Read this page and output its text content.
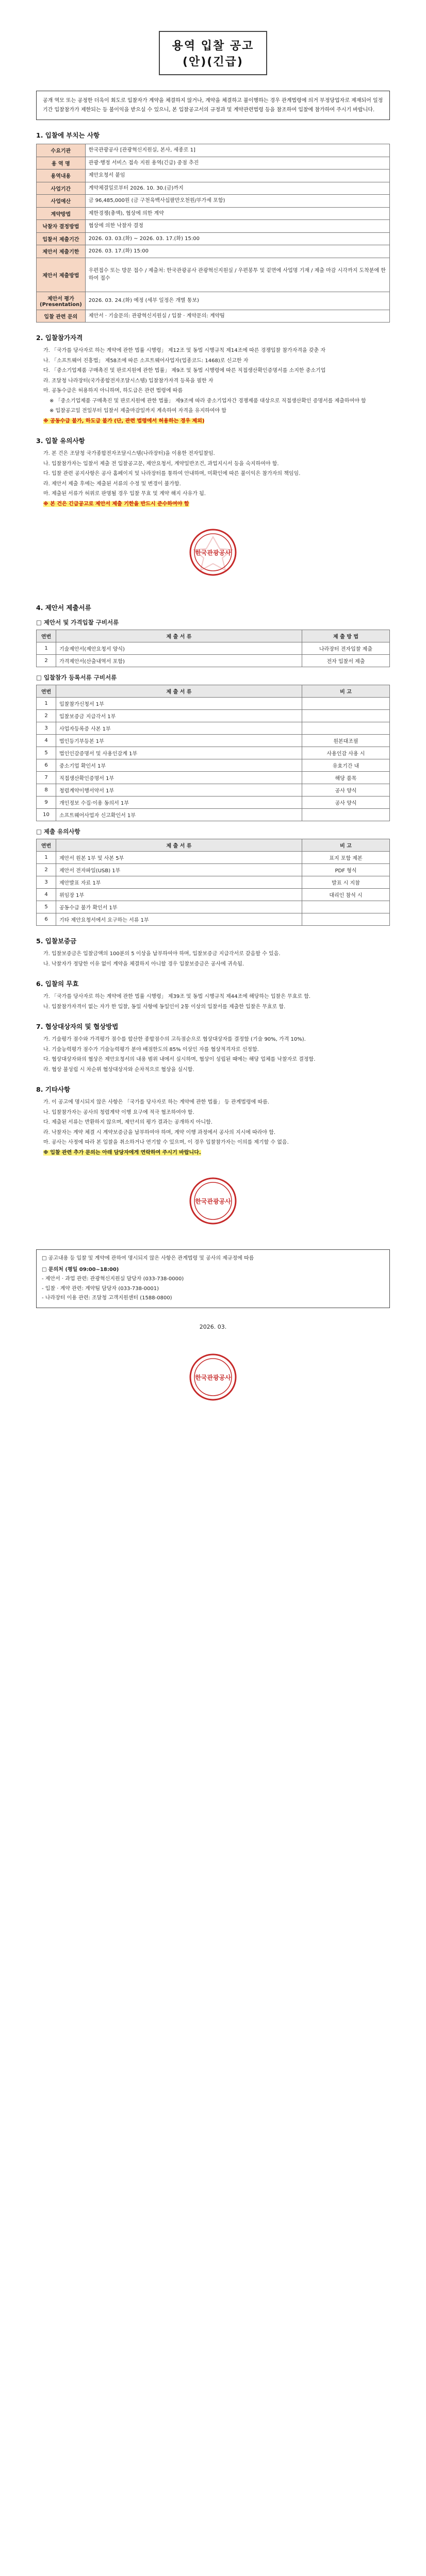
용역 입찰 공고(안)(긴급)
공개 역모 또는 공정한 더욱이 회도로 입찰자가 계약을 체결하지 않거나, 계약을 체결하고 불이행하는 경우 관계법령에 의거 부정당업자로 제재되어 일정기간 입찰참가가 제한되는 등 불이익을 받으실 수 있으니, 본 입찰공고서의 규정과 및 계약관련법령 등을 참조하여 입찰에 참가하여 주시기 바랍니다.
1. 입찰에 부치는 사항
수요기관	한국관광공사 [관광혁신지원실, 본사, 세종로 1]
용 역 명	관광·행정 서비스 접속 지원 용역(긴급) 중점 추진
용역내용	제안요청서 붙임
사업기간	계약체결일로부터 2026. 10. 30.(금)까지
사업예산	금 96,485,000원 (금 구천육백사십팔만오천원/부가세 포함)
계약방법	제한경쟁(총액), 협상에 의한 계약
낙찰자 결정방법	협상에 의한 낙찰자 결정
입찰서 제출기간	2026. 03. 03.(화) ~ 2026. 03. 17.(화) 15:00
제안서 제출기한	2026. 03. 17.(화) 15:00
제안서 제출방법	우편접수 또는 방문 접수 / 제출처: 한국관광공사 관광혁신지원실 / 우편봉투 및 겉면에 사업명 기재 / 제출 마감 시각까지 도착분에 한하여 접수
제안서 평가(Presentation)	2026. 03. 24.(화) 예정 (세부 일정은 개별 통보)
입찰 관련 문의	제안서 · 기술문의: 관광혁신지원실 / 입찰 · 계약문의: 계약팀
2. 입찰참가자격

가. 「국가를 당사자로 하는 계약에 관한 법률 시행령」 제12조 및 동법 시행규칙 제14조에 따른 경쟁입찰 참가자격을 갖춘 자

나. 「소프트웨어 진흥법」 제58조에 따른 소프트웨어사업자(업종코드: 1468)로 신고한 자

다. 「중소기업제품 구매촉진 및 판로지원에 관한 법률」 제9조 및 동법 시행령에 따른 직접생산확인증명서를 소지한 중소기업

라. 조달청 나라장터(국가종합전자조달시스템) 입찰참가자격 등록을 필한 자

마. 공동수급은 허용하지 아니하며, 하도급은 관련 법령에 따름

※ 「중소기업제품 구매촉진 및 판로지원에 관한 법률」 제9조에 따라 중소기업자간 경쟁제품 대상으로 직접생산확인 증명서를 제출하여야 함

※ 입찰공고일 전일부터 입찰서 제출마감일까지 계속하여 자격을 유지하여야 함

※ 공동수급 불가, 하도급 불가 (단, 관련 법령에서 허용하는 경우 제외)

3. 입찰 유의사항

가. 본 건은 조달청 국가종합전자조달시스템(나라장터)을 이용한 전자입찰임.

나. 입찰참가자는 입찰서 제출 전 입찰공고문, 제안요청서, 계약일반조건, 과업지시서 등을 숙지하여야 함.

다. 입찰 관련 공지사항은 공사 홈페이지 및 나라장터를 통하여 안내하며, 미확인에 따른 불이익은 참가자의 책임임.

라. 제안서 제출 후에는 제출된 서류의 수정 및 변경이 불가함.

마. 제출된 서류가 허위로 판명될 경우 입찰 무효 및 계약 해지 사유가 됨.

※ 본 건은 긴급공고로 제안서 제출 기한을 반드시 준수하여야 함

한국관광공사
4. 제안서 제출서류
□ 제안서 및 가격입찰 구비서류
연번	제 출 서 류	제 출 방 법
1	기술제안서(제안요청서 양식)	나라장터 전자입찰 제출
2	가격제안서(산출내역서 포함)	전자 입찰서 제출
□ 입찰참가 등록서류 구비서류
연번	제 출 서 류	비 고
1	입찰참가신청서 1부	
2	입찰보증금 지급각서 1부	
3	사업자등록증 사본 1부	
4	법인등기부등본 1부	원본대조필
5	법인인감증명서 및 사용인감계 1부	사용인감 사용 시
6	중소기업 확인서 1부	유효기간 내
7	직접생산확인증명서 1부	해당 품목
8	청렴계약이행서약서 1부	공사 양식
9	개인정보 수집·이용 동의서 1부	공사 양식
10	소프트웨어사업자 신고확인서 1부	
□ 제출 유의사항
연번	제 출 서 류	비 고
1	제안서 원본 1부 및 사본 5부	표지 포함 제본
2	제안서 전자파일(USB) 1부	PDF 형식
3	제안발표 자료 1부	발표 시 지참
4	위임장 1부	대리인 참석 시
5	공동수급 불가 확인서 1부	
6	기타 제안요청서에서 요구하는 서류 1부	
5. 입찰보증금

가. 입찰보증금은 입찰금액의 100분의 5 이상을 납부하여야 하며, 입찰보증금 지급각서로 갈음할 수 있음.

나. 낙찰자가 정당한 이유 없이 계약을 체결하지 아니할 경우 입찰보증금은 공사에 귀속됨.

6. 입찰의 무효

가. 「국가를 당사자로 하는 계약에 관한 법률 시행령」 제39조 및 동법 시행규칙 제44조에 해당하는 입찰은 무효로 함.

나. 입찰참가자격이 없는 자가 한 입찰, 동일 사항에 동일인이 2통 이상의 입찰서를 제출한 입찰은 무효로 함.

7. 협상대상자의 및 협상방법

가. 기술평가 점수와 가격평가 점수를 합산한 종합점수의 고득점순으로 협상대상자를 결정함 (기술 90%, 가격 10%).

나. 기술능력평가 점수가 기술능력평가 분야 배점한도의 85% 이상인 자를 협상적격자로 선정함.

다. 협상대상자와의 협상은 제안요청서의 내용 범위 내에서 실시하며, 협상이 성립된 때에는 해당 업체를 낙찰자로 결정함.

라. 협상 불성립 시 차순위 협상대상자와 순차적으로 협상을 실시함.

8. 기타사항

가. 이 공고에 명시되지 않은 사항은 「국가를 당사자로 하는 계약에 관한 법률」 등 관계법령에 따름.

나. 입찰참가자는 공사의 청렴계약 이행 요구에 적극 협조하여야 함.

다. 제출된 서류는 반환하지 않으며, 제안서의 평가 결과는 공개하지 아니함.

라. 낙찰자는 계약 체결 시 계약보증금을 납부하여야 하며, 계약 이행 과정에서 공사의 지시에 따라야 함.

마. 공사는 사정에 따라 본 입찰을 취소하거나 연기할 수 있으며, 이 경우 입찰참가자는 이의를 제기할 수 없음.

※ 입찰 관련 추가 문의는 아래 담당자에게 연락하여 주시기 바랍니다.

한국관광공사

□ 공고내용 등 입찰 및 계약에 관하여 명시되지 않은 사항은 관계법령 및 공사의 제규정에 따름

□ 문의처 (평일 09:00~18:00)

- 제안서 · 과업 관련: 관광혁신지원실 담당자 (033-738-0000)

- 입찰 · 계약 관련: 계약팀 담당자 (033-738-0001)

- 나라장터 이용 관련: 조달청 고객지원센터 (1588-0800)

2026. 03.
한국관광공사
